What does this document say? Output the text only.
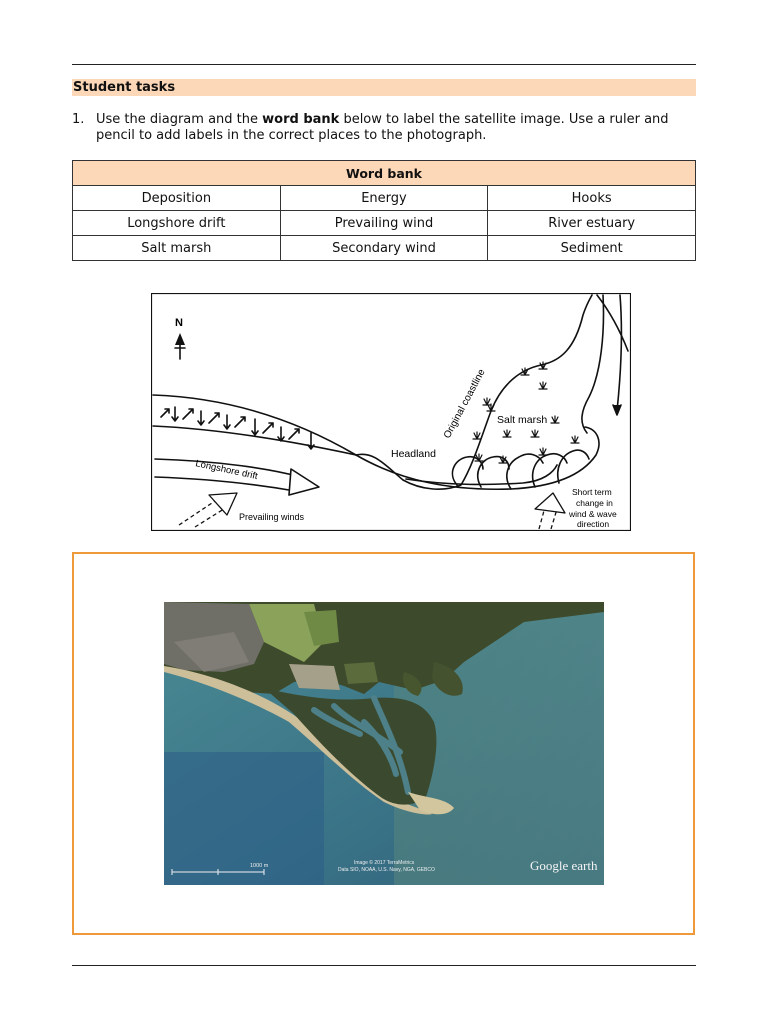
Student tasks
1. Use the diagram and the word bank below to label the satellite image. Use a ruler and pencil to add labels in the correct places to the photograph.
Word bank		
Deposition	Energy	Hooks
Longshore drift	Prevailing wind	River estuary
Salt marsh	Secondary wind	Sediment
N
Original coastline Salt marsh
Headland
Longshore drift
Prevailing winds
Short term
change in
wind & wave
direction
1000 m	Image © 2017 TerraMetrics
Data SIO, NOAA, U.S. Navy, NGA, GEBCO	Google earth
